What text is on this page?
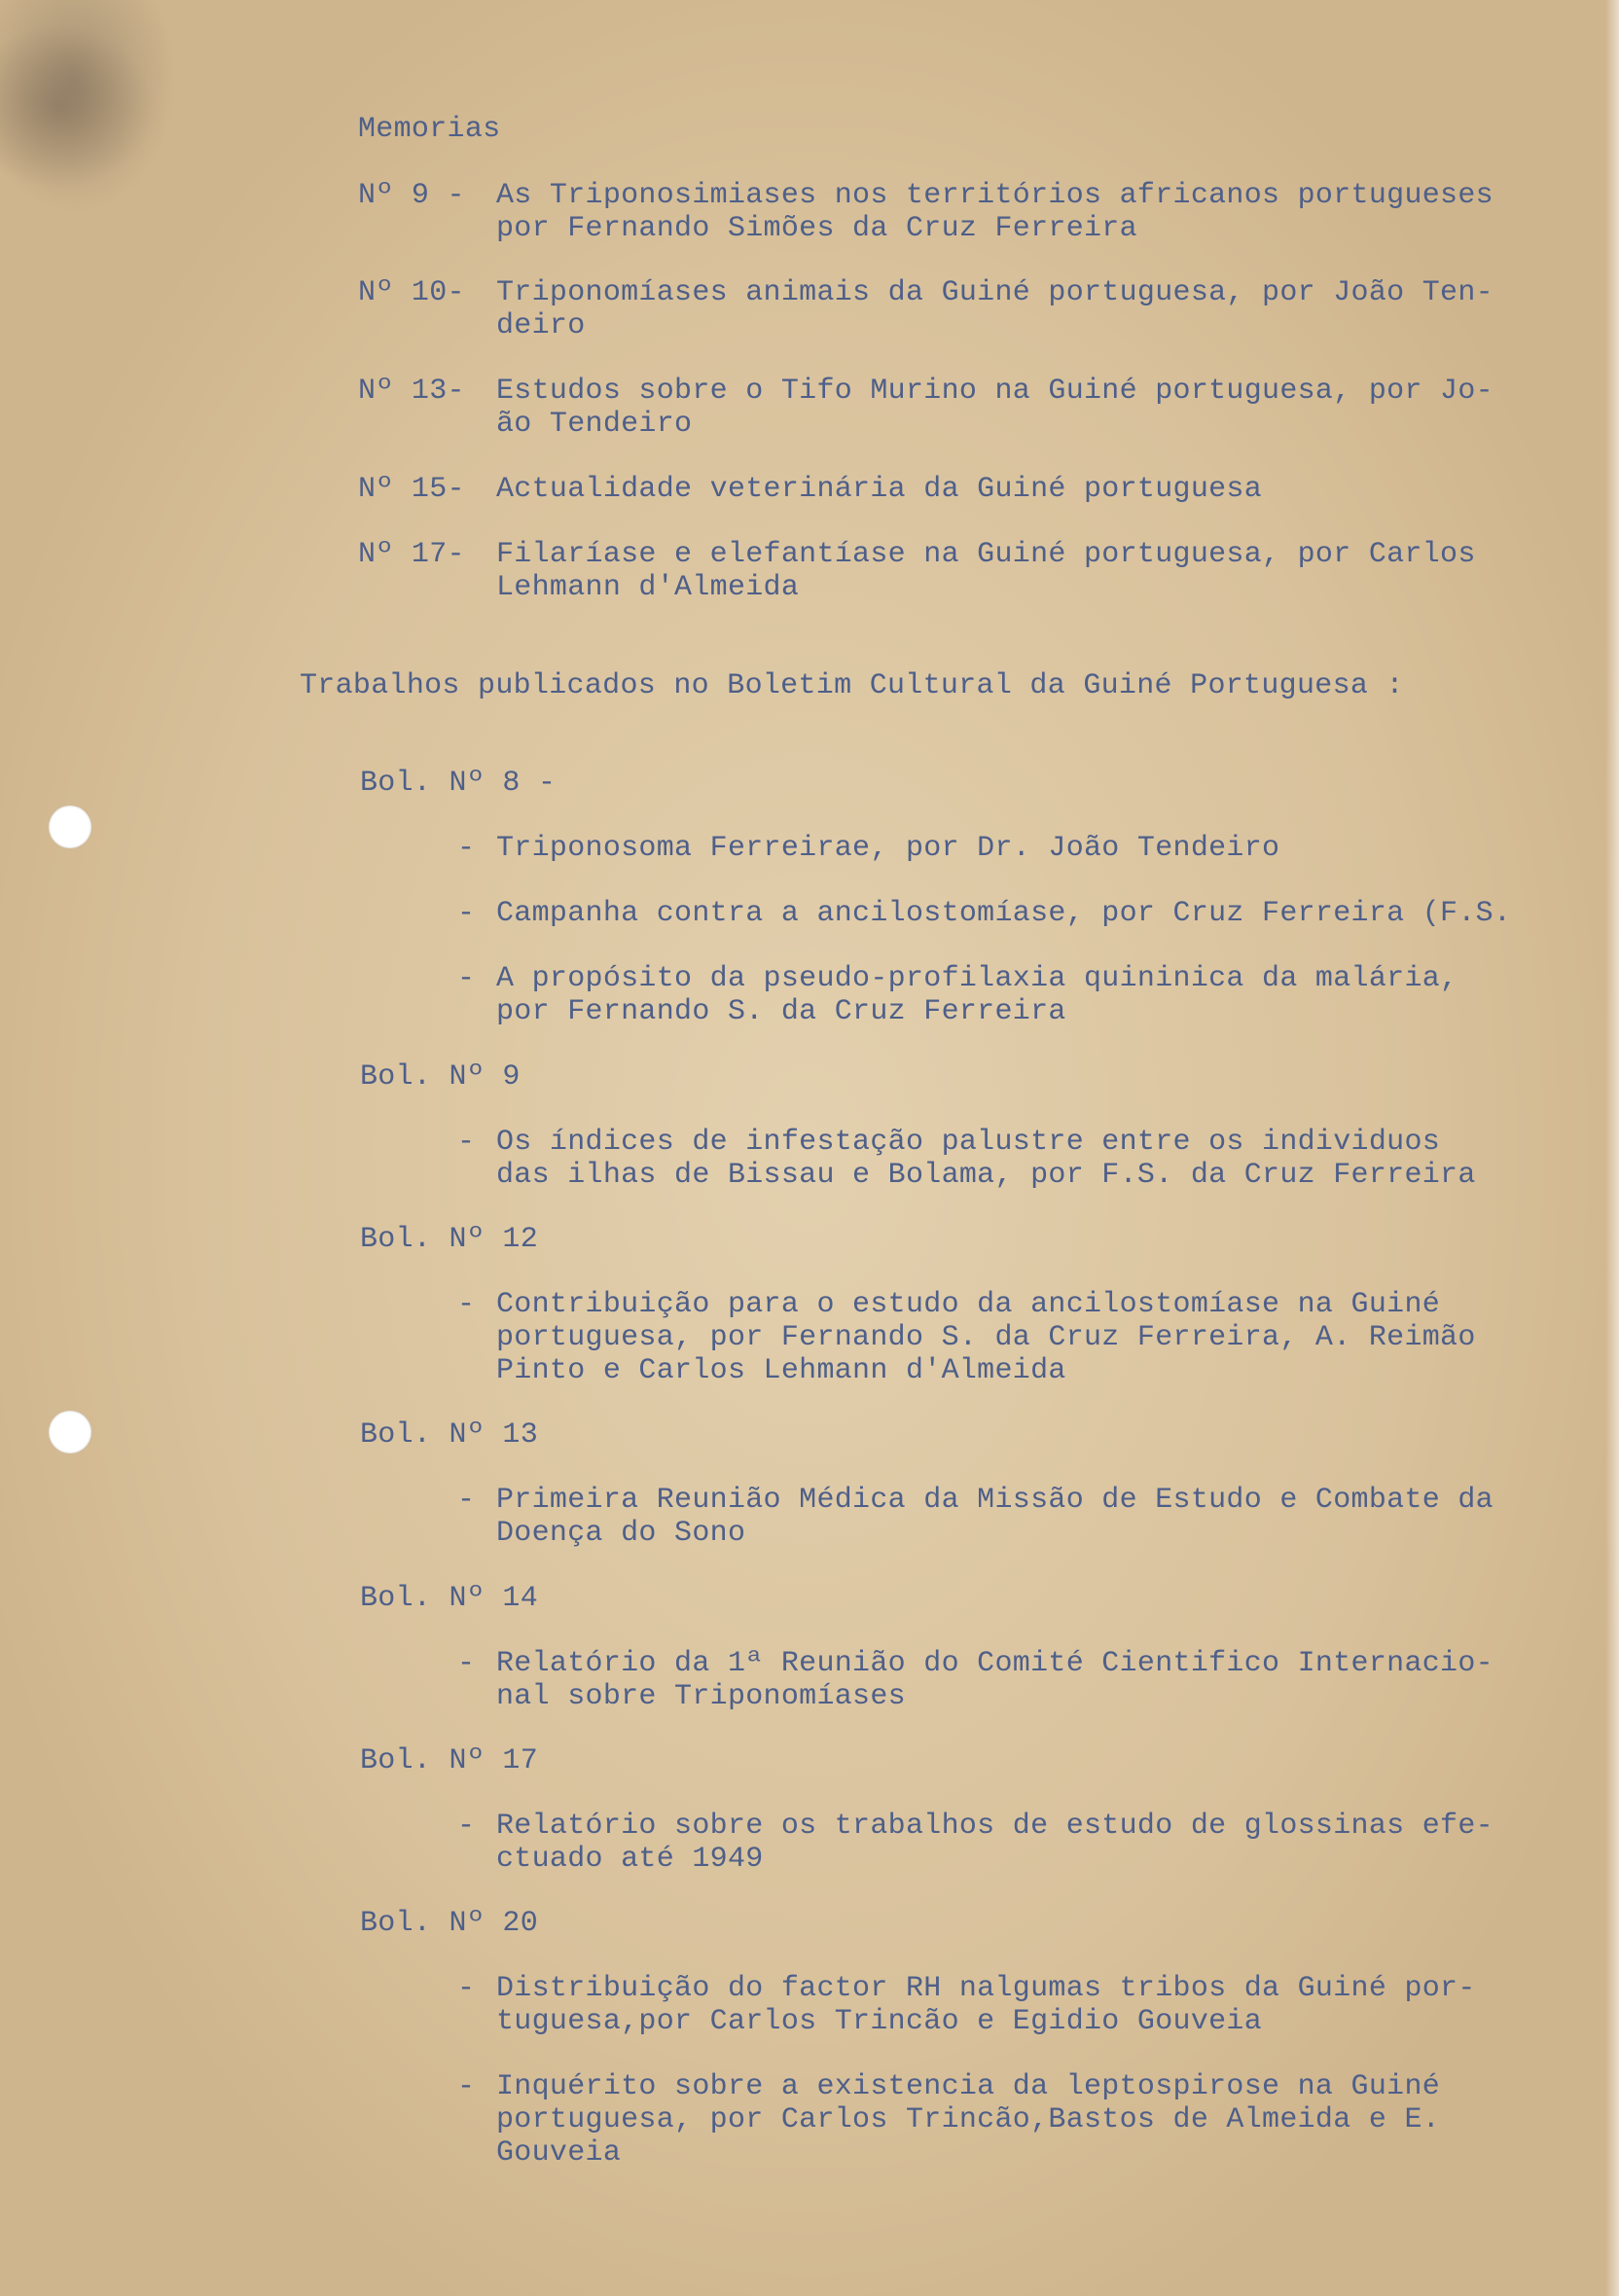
Memorias

Nº 9 - As Triponosimiases nos territórios africanos portugueses
por Fernando Simões da Cruz Ferreira

Nº 10- Triponomíases animais da Guiné portuguesa, por João Ten-
deiro

Nº 13- Estudos sobre o Tifo Murino na Guiné portuguesa, por Jo-
ão Tendeiro

Nº 15- Actualidade veterinária da Guiné portuguesa

Nº 17- Filaríase e elefantíase na Guiné portuguesa, por Carlos
Lehmann d'Almeida

Trabalhos publicados no Boletim Cultural da Guiné Portuguesa :

Bol. Nº 8 -

- Triponosoma Ferreirae, por Dr. João Tendeiro

- Campanha contra a ancilostomíase, por Cruz Ferreira (F.S.

- A propósito da pseudo-profilaxia quininica da malária,
por Fernando S. da Cruz Ferreira

Bol. Nº 9

- Os índices de infestação palustre entre os individuos
das ilhas de Bissau e Bolama, por F.S. da Cruz Ferreira

Bol. Nº 12

- Contribuição para o estudo da ancilostomíase na Guiné
portuguesa, por Fernando S. da Cruz Ferreira, A. Reimão
Pinto e Carlos Lehmann d'Almeida

Bol. Nº 13

- Primeira Reunião Médica da Missão de Estudo e Combate da
Doença do Sono

Bol. Nº 14

- Relatório da 1ª Reunião do Comité Cientifico Internacio-
nal sobre Triponomíases

Bol. Nº 17

- Relatório sobre os trabalhos de estudo de glossinas efe-
ctuado até 1949

Bol. Nº 20

- Distribuição do factor RH nalgumas tribos da Guiné por-
tuguesa,por Carlos Trincão e Egidio Gouveia

- Inquérito sobre a existencia da leptospirose na Guiné
portuguesa, por Carlos Trincão,Bastos de Almeida e E.
Gouveia
